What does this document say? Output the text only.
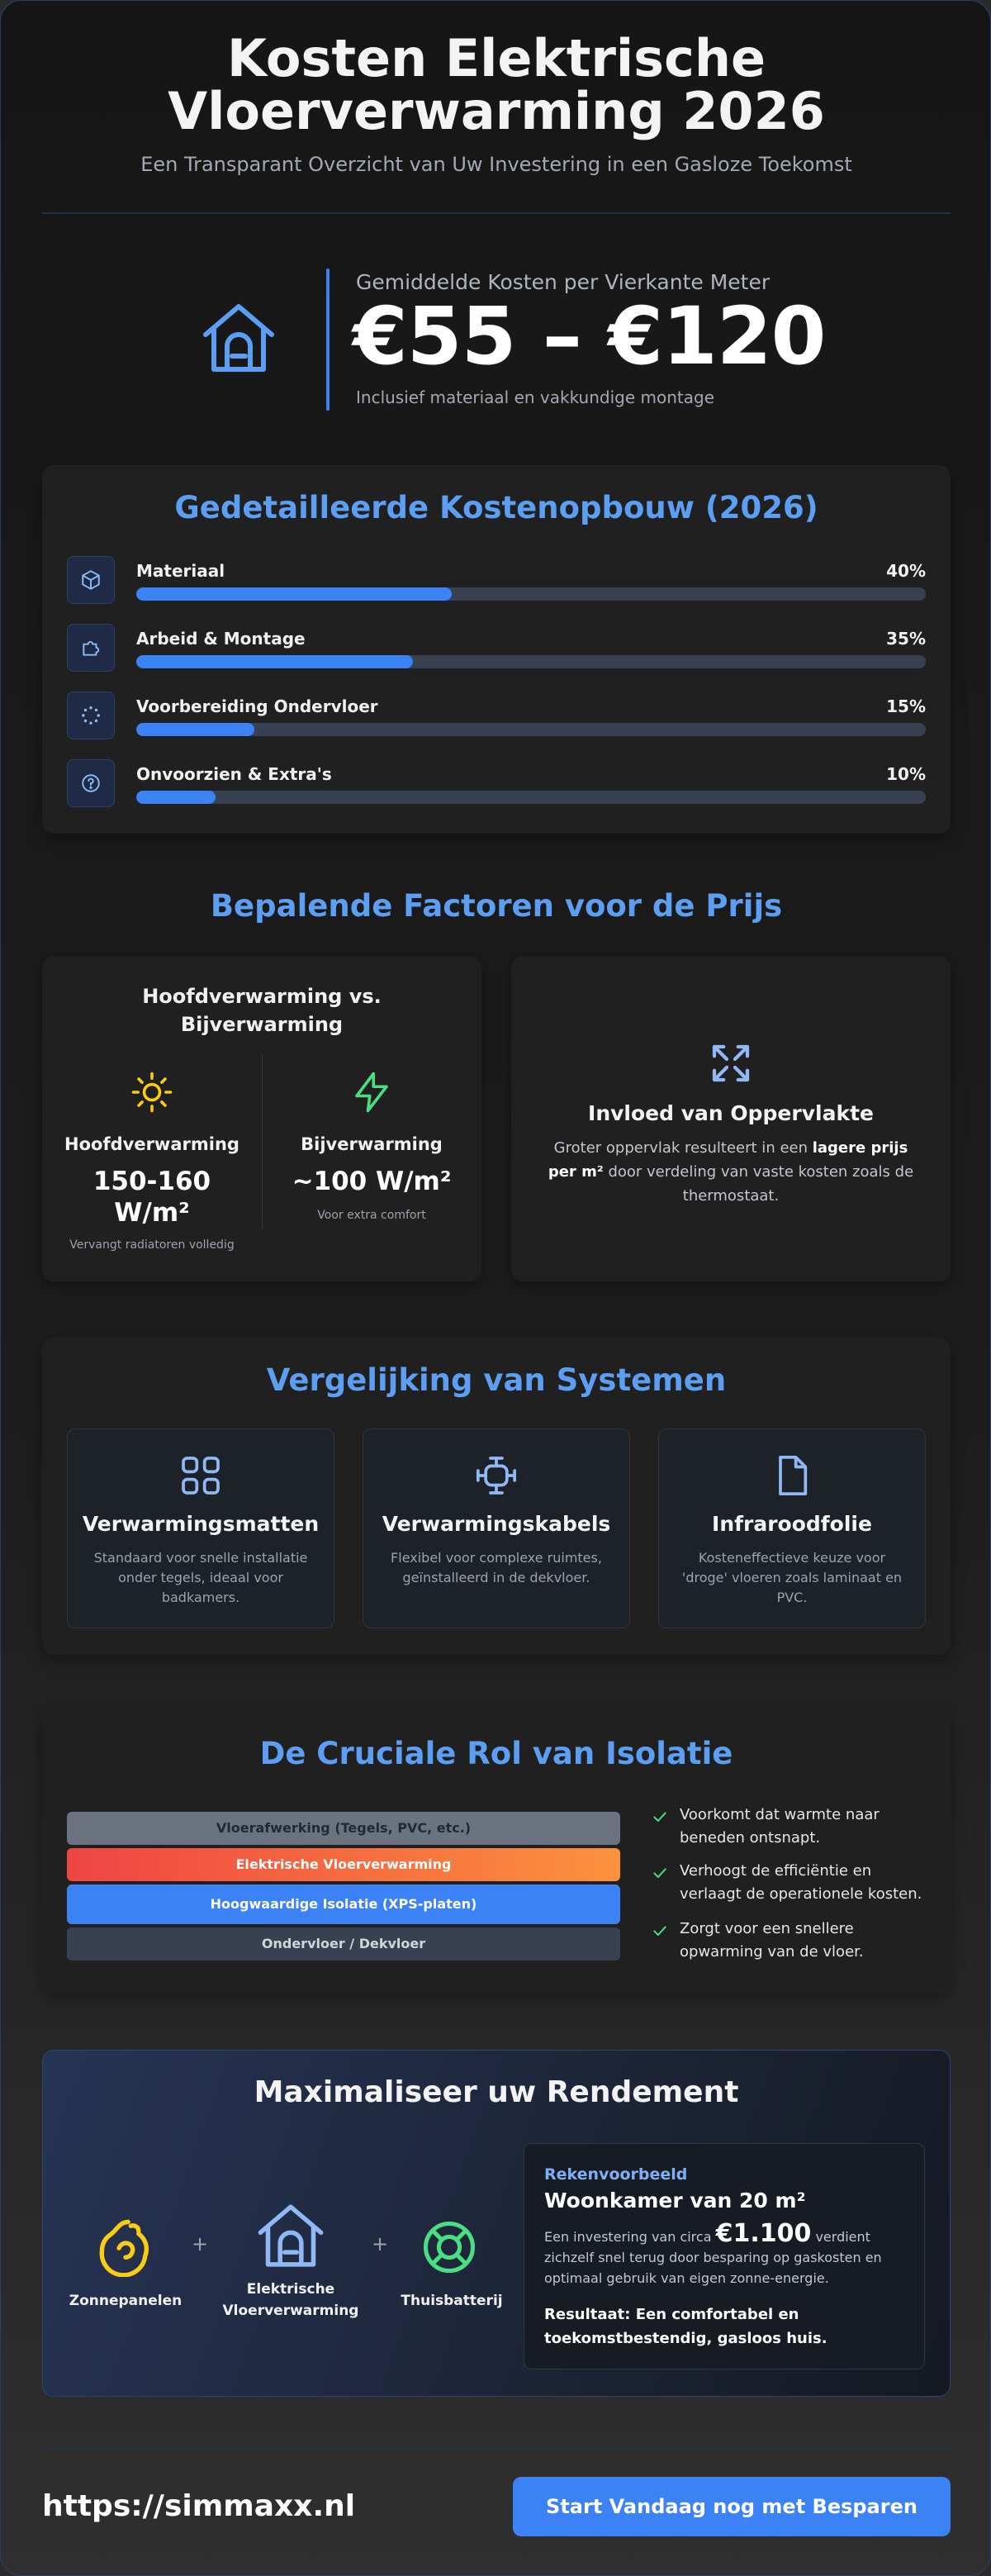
Kosten Elektrische
Vloerverwarming 2026
Een Transparant Overzicht van Uw Investering in een Gasloze Toekomst
Gemiddelde Kosten per Vierkante Meter
€55 – €120
Inclusief materiaal en vakkundige montage
Gedetailleerde Kostenopbouw (2026)
Materiaal	40%
Arbeid & Montage	35%
Voorbereiding Ondervloer	15%
Onvoorzien & Extra's	10%
Bepalende Factoren voor de Prijs
Hoofdverwarming vs.
Bijverwarming
Hoofdverwarming
150-160
W/m²
Vervangt radiatoren volledig
Bijverwarming
~100 W/m²
Voor extra comfort
Invloed van Oppervlakte
Groter oppervlak resulteert in een lagere prijs per m² door verdeling van vaste kosten zoals de thermostaat.
Vergelijking van Systemen
Verwarmingsmatten
Standaard voor snelle installatie onder tegels, ideaal voor badkamers.
Verwarmingskabels
Flexibel voor complexe ruimtes, geïnstalleerd in de dekvloer.
Infraroodfolie
Kosteneffectieve keuze voor 'droge' vloeren zoals laminaat en PVC.
De Cruciale Rol van Isolatie
Vloerafwerking (Tegels, PVC, etc.)
Elektrische Vloerverwarming
Hoogwaardige Isolatie (XPS-platen)
Ondervloer / Dekvloer
Voorkomt dat warmte naar beneden ontsnapt.
Verhoogt de efficiëntie en verlaagt de operationele kosten.
Zorgt voor een snellere opwarming van de vloer.
Maximaliseer uw Rendement
Zonnepanelen
+
Elektrische
Vloerverwarming
+
Thuisbatterij
Rekenvoorbeeld
Woonkamer van 20 m²
Een investering van circa €1.100 verdient zichzelf snel terug door besparing op gaskosten en optimaal gebruik van eigen zonne-energie.
Resultaat: Een comfortabel en toekomstbestendig, gasloos huis.
https://simmaxx.nl	Start Vandaag nog met Besparen
